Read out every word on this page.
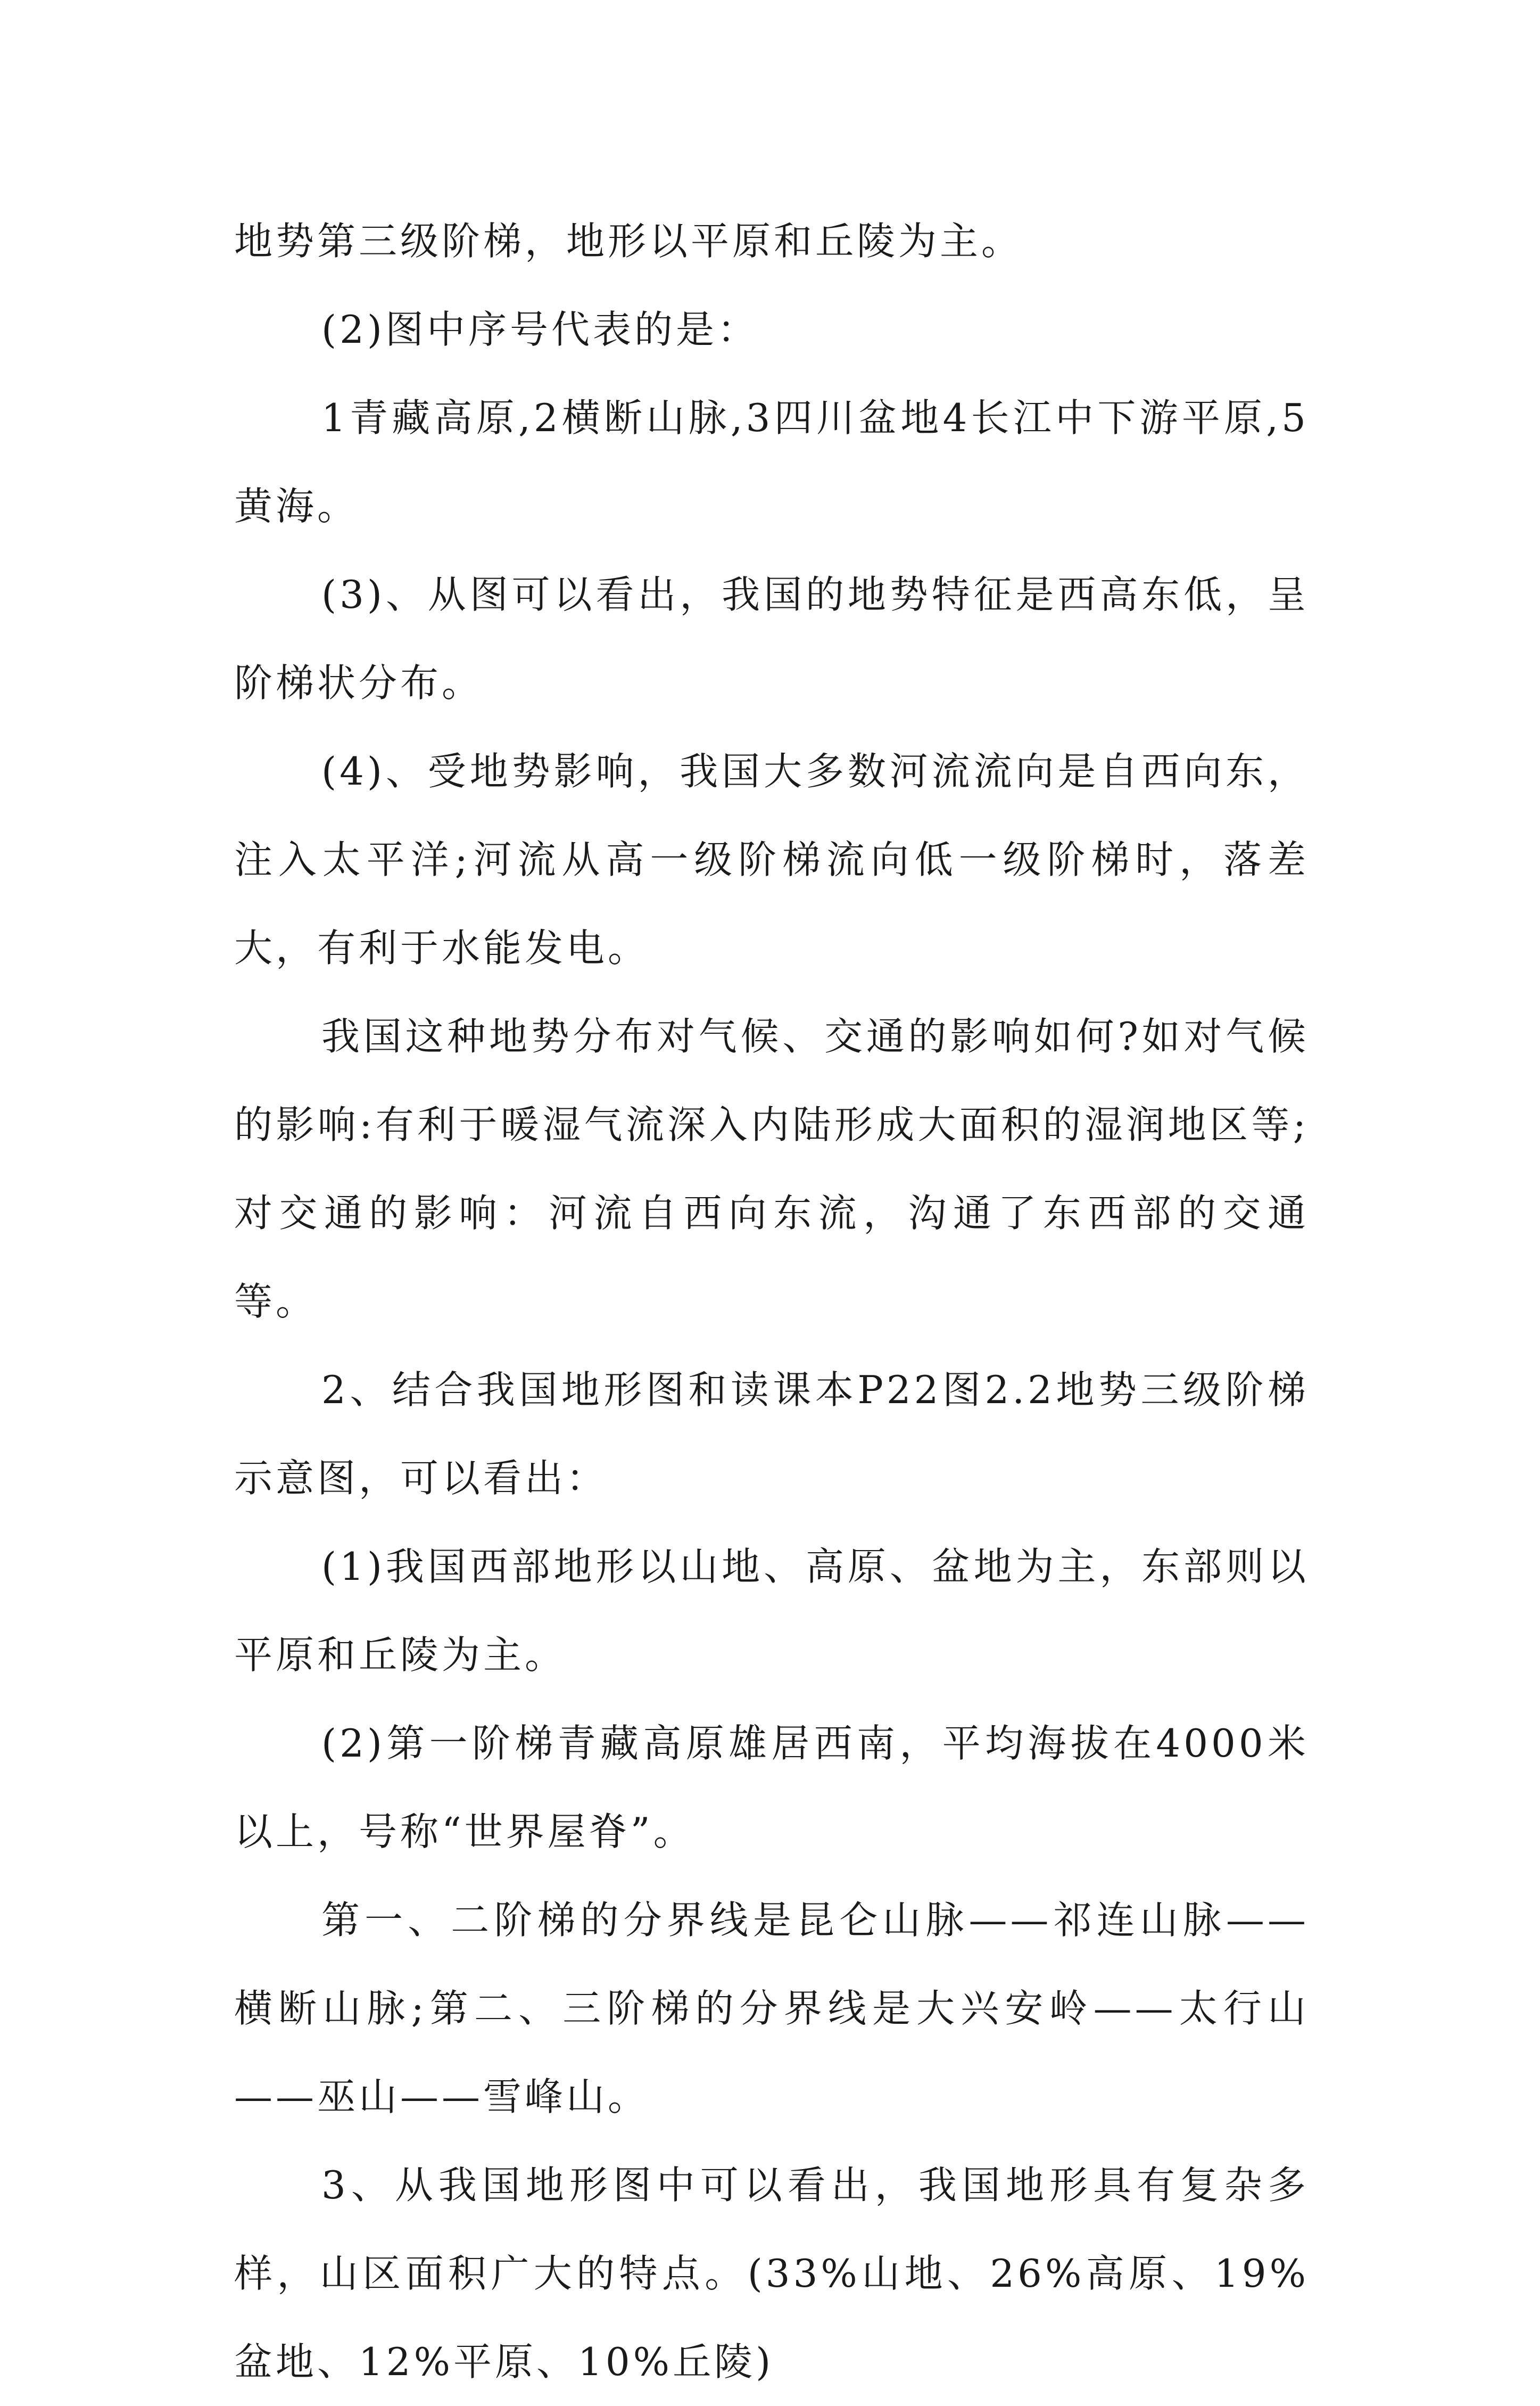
地势第三级阶梯，地形以平原和丘陵为主。

(2)图中序号代表的是：

1青藏高原,2横断山脉,3四川盆地4长江中下游平原,5黄海。

(3)、从图可以看出，我国的地势特征是西高东低，呈阶梯状分布。

(4)、受地势影响，我国大多数河流流向是自西向东，注入太平洋;河流从高一级阶梯流向低一级阶梯时，落差大，有利于水能发电。

我国这种地势分布对气候、交通的影响如何?如对气候的影响:有利于暖湿气流深入内陆形成大面积的湿润地区等;对交通的影响：河流自西向东流，沟通了东西部的交通等。

2、结合我国地形图和读课本P22图2.2地势三级阶梯示意图，可以看出：

(1)我国西部地形以山地、高原、盆地为主，东部则以平原和丘陵为主。

(2)第一阶梯青藏高原雄居西南，平均海拔在4000米以上，号称“世界屋脊”。

第一、二阶梯的分界线是昆仑山脉——祁连山脉——横断山脉;第二、三阶梯的分界线是大兴安岭——太行山——巫山——雪峰山。

3、从我国地形图中可以看出，我国地形具有复杂多样，山区面积广大的特点。(33%山地、26%高原、19%盆地、12%平原、10%丘陵)
